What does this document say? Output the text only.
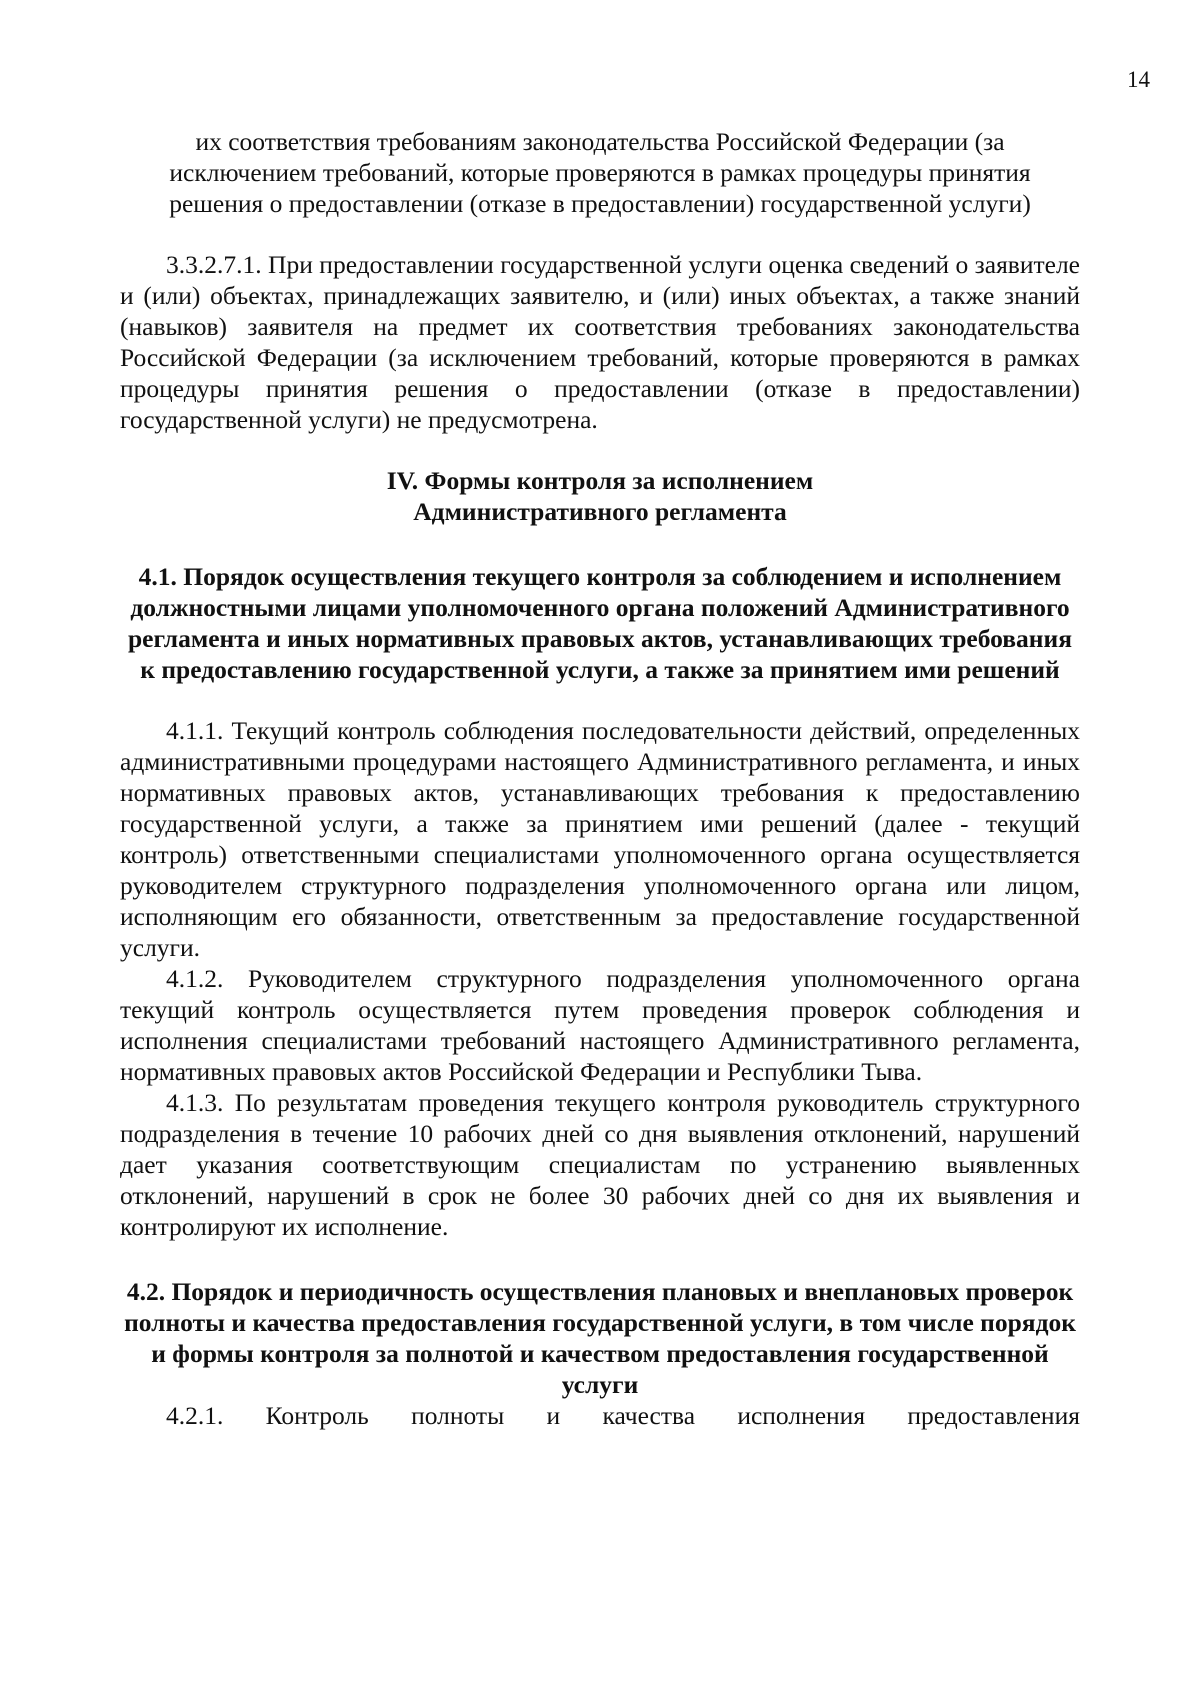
14

их соответствия требованиям законодательства Российской Федерации (за исключением требований, которые проверяются в рамках процедуры принятия решения о предоставлении (отказе в предоставлении) государственной услуги)

3.3.2.7.1. При предоставлении государственной услуги оценка сведений о заявителе и (или) объектах, принадлежащих заявителю, и (или) иных объектах, а также знаний (навыков) заявителя на предмет их соответствия требованиях законодательства Российской Федерации (за исключением требований, которые проверяются в рамках процедуры принятия решения о предоставлении (отказе в предоставлении) государственной услуги) не предусмотрена.

IV. Формы контроля за исполнением

Административного регламента

4.1. Порядок осуществления текущего контроля за соблюдением и исполнением должностными лицами уполномоченного органа положений Административного регламента и иных нормативных правовых актов, устанавливающих требования к предоставлению государственной услуги, а также за принятием ими решений

4.1.1. Текущий контроль соблюдения последовательности действий, определенных административными процедурами настоящего Административного регламента, и иных нормативных правовых актов, устанавливающих требования к предоставлению государственной услуги, а также за принятием ими решений (далее - текущий контроль) ответственными специалистами уполномоченного органа осуществляется руководителем структурного подразделения уполномоченного органа или лицом, исполняющим его обязанности, ответственным за предоставление государственной услуги.

4.1.2. Руководителем структурного подразделения уполномоченного органа текущий контроль осуществляется путем проведения проверок соблюдения и исполнения специалистами требований настоящего Административного регламента, нормативных правовых актов Российской Федерации и Республики Тыва.

4.1.3. По результатам проведения текущего контроля руководитель структурного подразделения в течение 10 рабочих дней со дня выявления отклонений, нарушений дает указания соответствующим специалистам по устранению выявленных отклонений, нарушений в срок не более 30 рабочих дней со дня их выявления и контролируют их исполнение.

4.2. Порядок и периодичность осуществления плановых и внеплановых проверок полноты и качества предоставления государственной услуги, в том числе порядок и формы контроля за полнотой и качеством предоставления государственной услуги

4.2.1. Контроль полноты и качества исполнения предоставления
